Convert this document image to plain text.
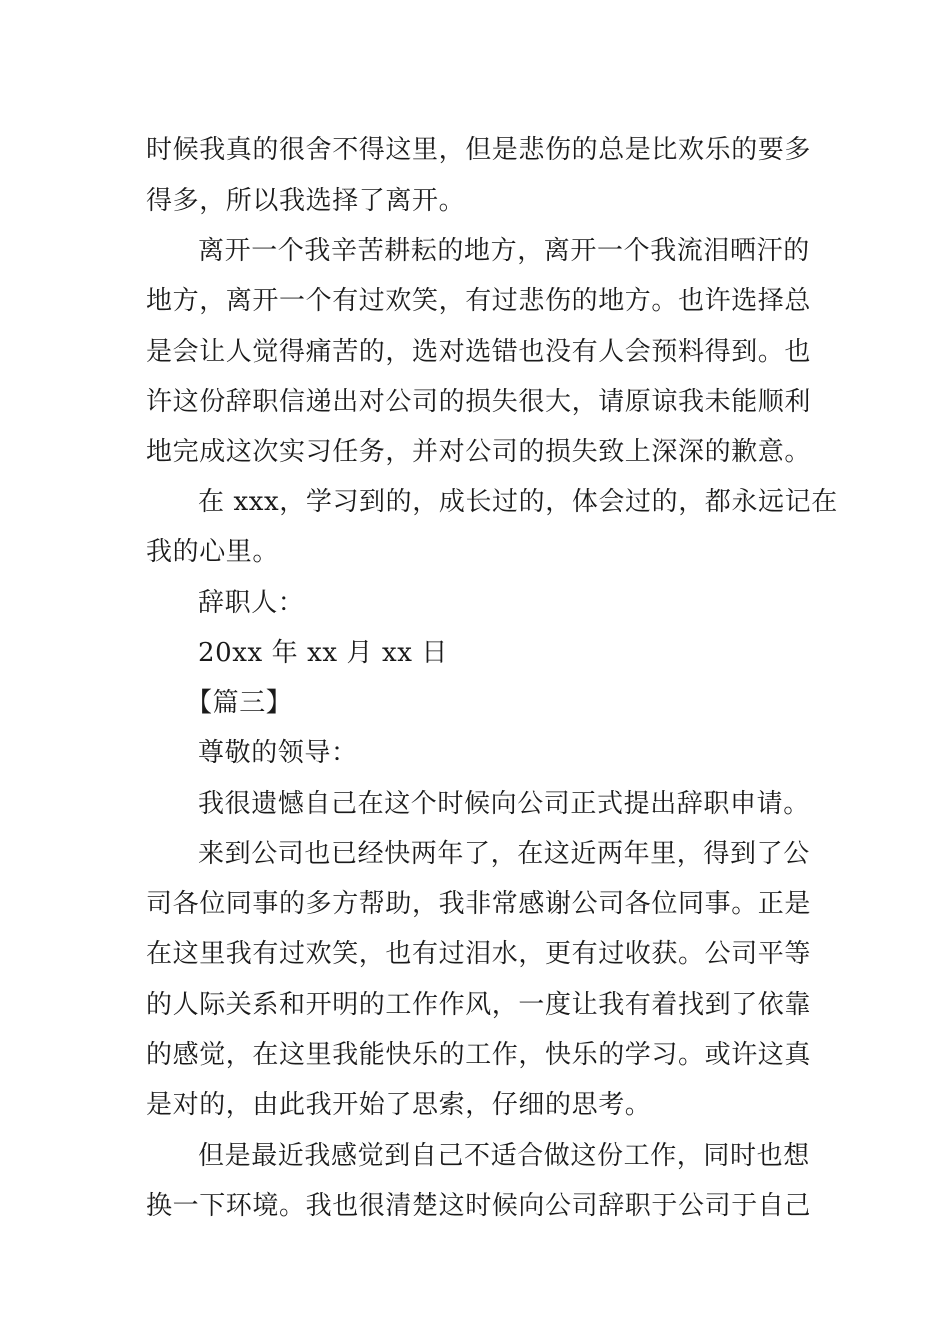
时候我真的很舍不得这里，但是悲伤的总是比欢乐的要多
得多，所以我选择了离开。
离开一个我辛苦耕耘的地方，离开一个我流泪晒汗的
地方，离开一个有过欢笑，有过悲伤的地方。也许选择总
是会让人觉得痛苦的，选对选错也没有人会预料得到。也
许这份辞职信递出对公司的损失很大，请原谅我未能顺利
地完成这次实习任务，并对公司的损失致上深深的歉意。
在 xxx，学习到的，成长过的，体会过的，都永远记在
我的心里。
辞职人：
20xx 年 xx 月 xx 日
【篇三】
尊敬的领导：
我很遗憾自己在这个时候向公司正式提出辞职申请。
来到公司也已经快两年了，在这近两年里，得到了公
司各位同事的多方帮助，我非常感谢公司各位同事。正是
在这里我有过欢笑，也有过泪水，更有过收获。公司平等
的人际关系和开明的工作作风，一度让我有着找到了依靠
的感觉，在这里我能快乐的工作，快乐的学习。或许这真
是对的，由此我开始了思索，仔细的思考。
但是最近我感觉到自己不适合做这份工作，同时也想
换一下环境。我也很清楚这时候向公司辞职于公司于自己
